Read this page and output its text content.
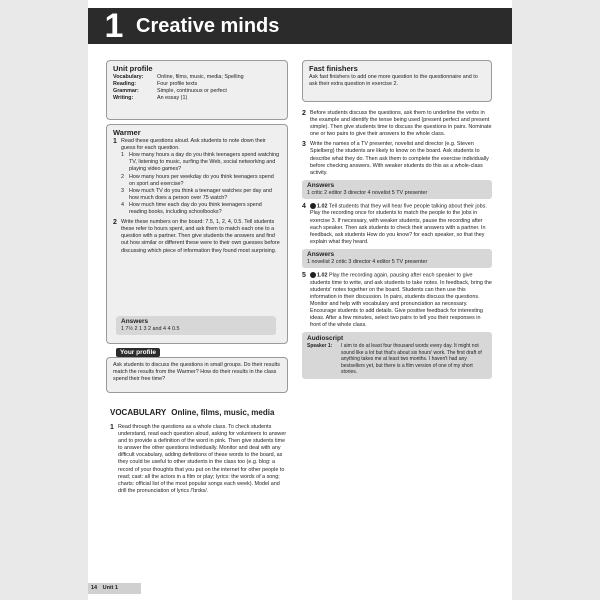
1 Creative minds
Unit profile
Vocabulary:	Online, films, music, media; Spelling
Reading:	Four profile texts
Grammar:	Simple, continuous or perfect
Writing:	An essay (1)
Warmer
1 Read these questions aloud. Ask students to note down their guess for each question.
1 How many hours a day do you think teenagers spend watching TV, listening to music, surfing the Web, social networking and playing video games?
2 How many hours per weekday do you think teenagers spend on sport and exercise?
3 How much TV do you think a teenager watches per day and how much does a person over 75 watch?
4 How much time each day do you think teenagers spend reading books, including schoolbooks?
2 Write these numbers on the board: 7.5, 1, 2, 4, 0.5. Tell students these refer to hours spent, and ask them to match each one to a question with a partner. Then give students the answers and find out how similar or different these were to their own guesses before discussing which piece of information they found most surprising.
Answers
1 7½ 2 1 3 2 and 4 4 0.5
Your profile
Ask students to discuss the questions in small groups. Do their results match the results from the Warmer? How do their results in the class spend their free time?
VOCABULARY Online, films, music, media
1 Read through the questions as a whole class. To check students understand, read each question aloud, asking for volunteers to answer and to provide a definition of the word in pink. Then give students time to answer the other questions individually. Monitor and deal with any difficult vocabulary, adding definitions of these words to the board, as they could be useful to other students in the class too (e.g. blog: a record of your thoughts that you put on the internet for other people to read; cast: all the actors in a film or play; lyrics: the words of a song; charts: official list of the most popular songs each week). Model and drill the pronunciation of lyrics /'lɪrɪks/.
Fast finishers
Ask fast finishers to add one more question to the questionnaire and to ask their extra question in exercise 2.
2 Before students discuss the questions, ask them to underline the verbs in the example and identify the tense being used (present perfect and present simple). Then give students time to discuss the questions in pairs. Nominate one or two pairs to give their answers to the whole class.
3 Write the names of a TV presenter, novelist and director (e.g. Steven Spielberg) the students are likely to know on the board. Ask students to describe what they do. Then ask them to complete the exercise individually before checking answers. With weaker students do this as a whole-class activity.
Answers
1 critic 2 editor 3 director 4 novelist 5 TV presenter
4	1.02 Tell students that they will hear five people talking about their jobs. Play the recording once for students to match the people to the jobs in exercise 3. If necessary, with weaker students, pause the recording after each speaker. Then ask students to check their answers with a partner. In feedback, ask students How do you know? for each speaker, so that they explain what they heard.
Answers
1 novelist 2 critic 3 director 4 editor 5 TV presenter
5	1.02 Play the recording again, pausing after each speaker to give students time to write, and ask students to take notes. In feedback, bring the students' notes together on the board. Students can then use this information in their discussion. In pairs, students discuss the questions. Monitor and help with vocabulary and pronunciation as necessary. Encourage students to add details. Give positive feedback for interesting ideas. After a few minutes, select two pairs to tell you their responses in front of the whole class.
Audioscript
Speaker 1:	I aim to do at least four thousand words every day. It might not sound like a lot but that's about six hours' work. The first draft of anything takes me at least two months. I haven't had any bestsellers yet, but there is a film version of one of my short stories.
14 Unit 1
